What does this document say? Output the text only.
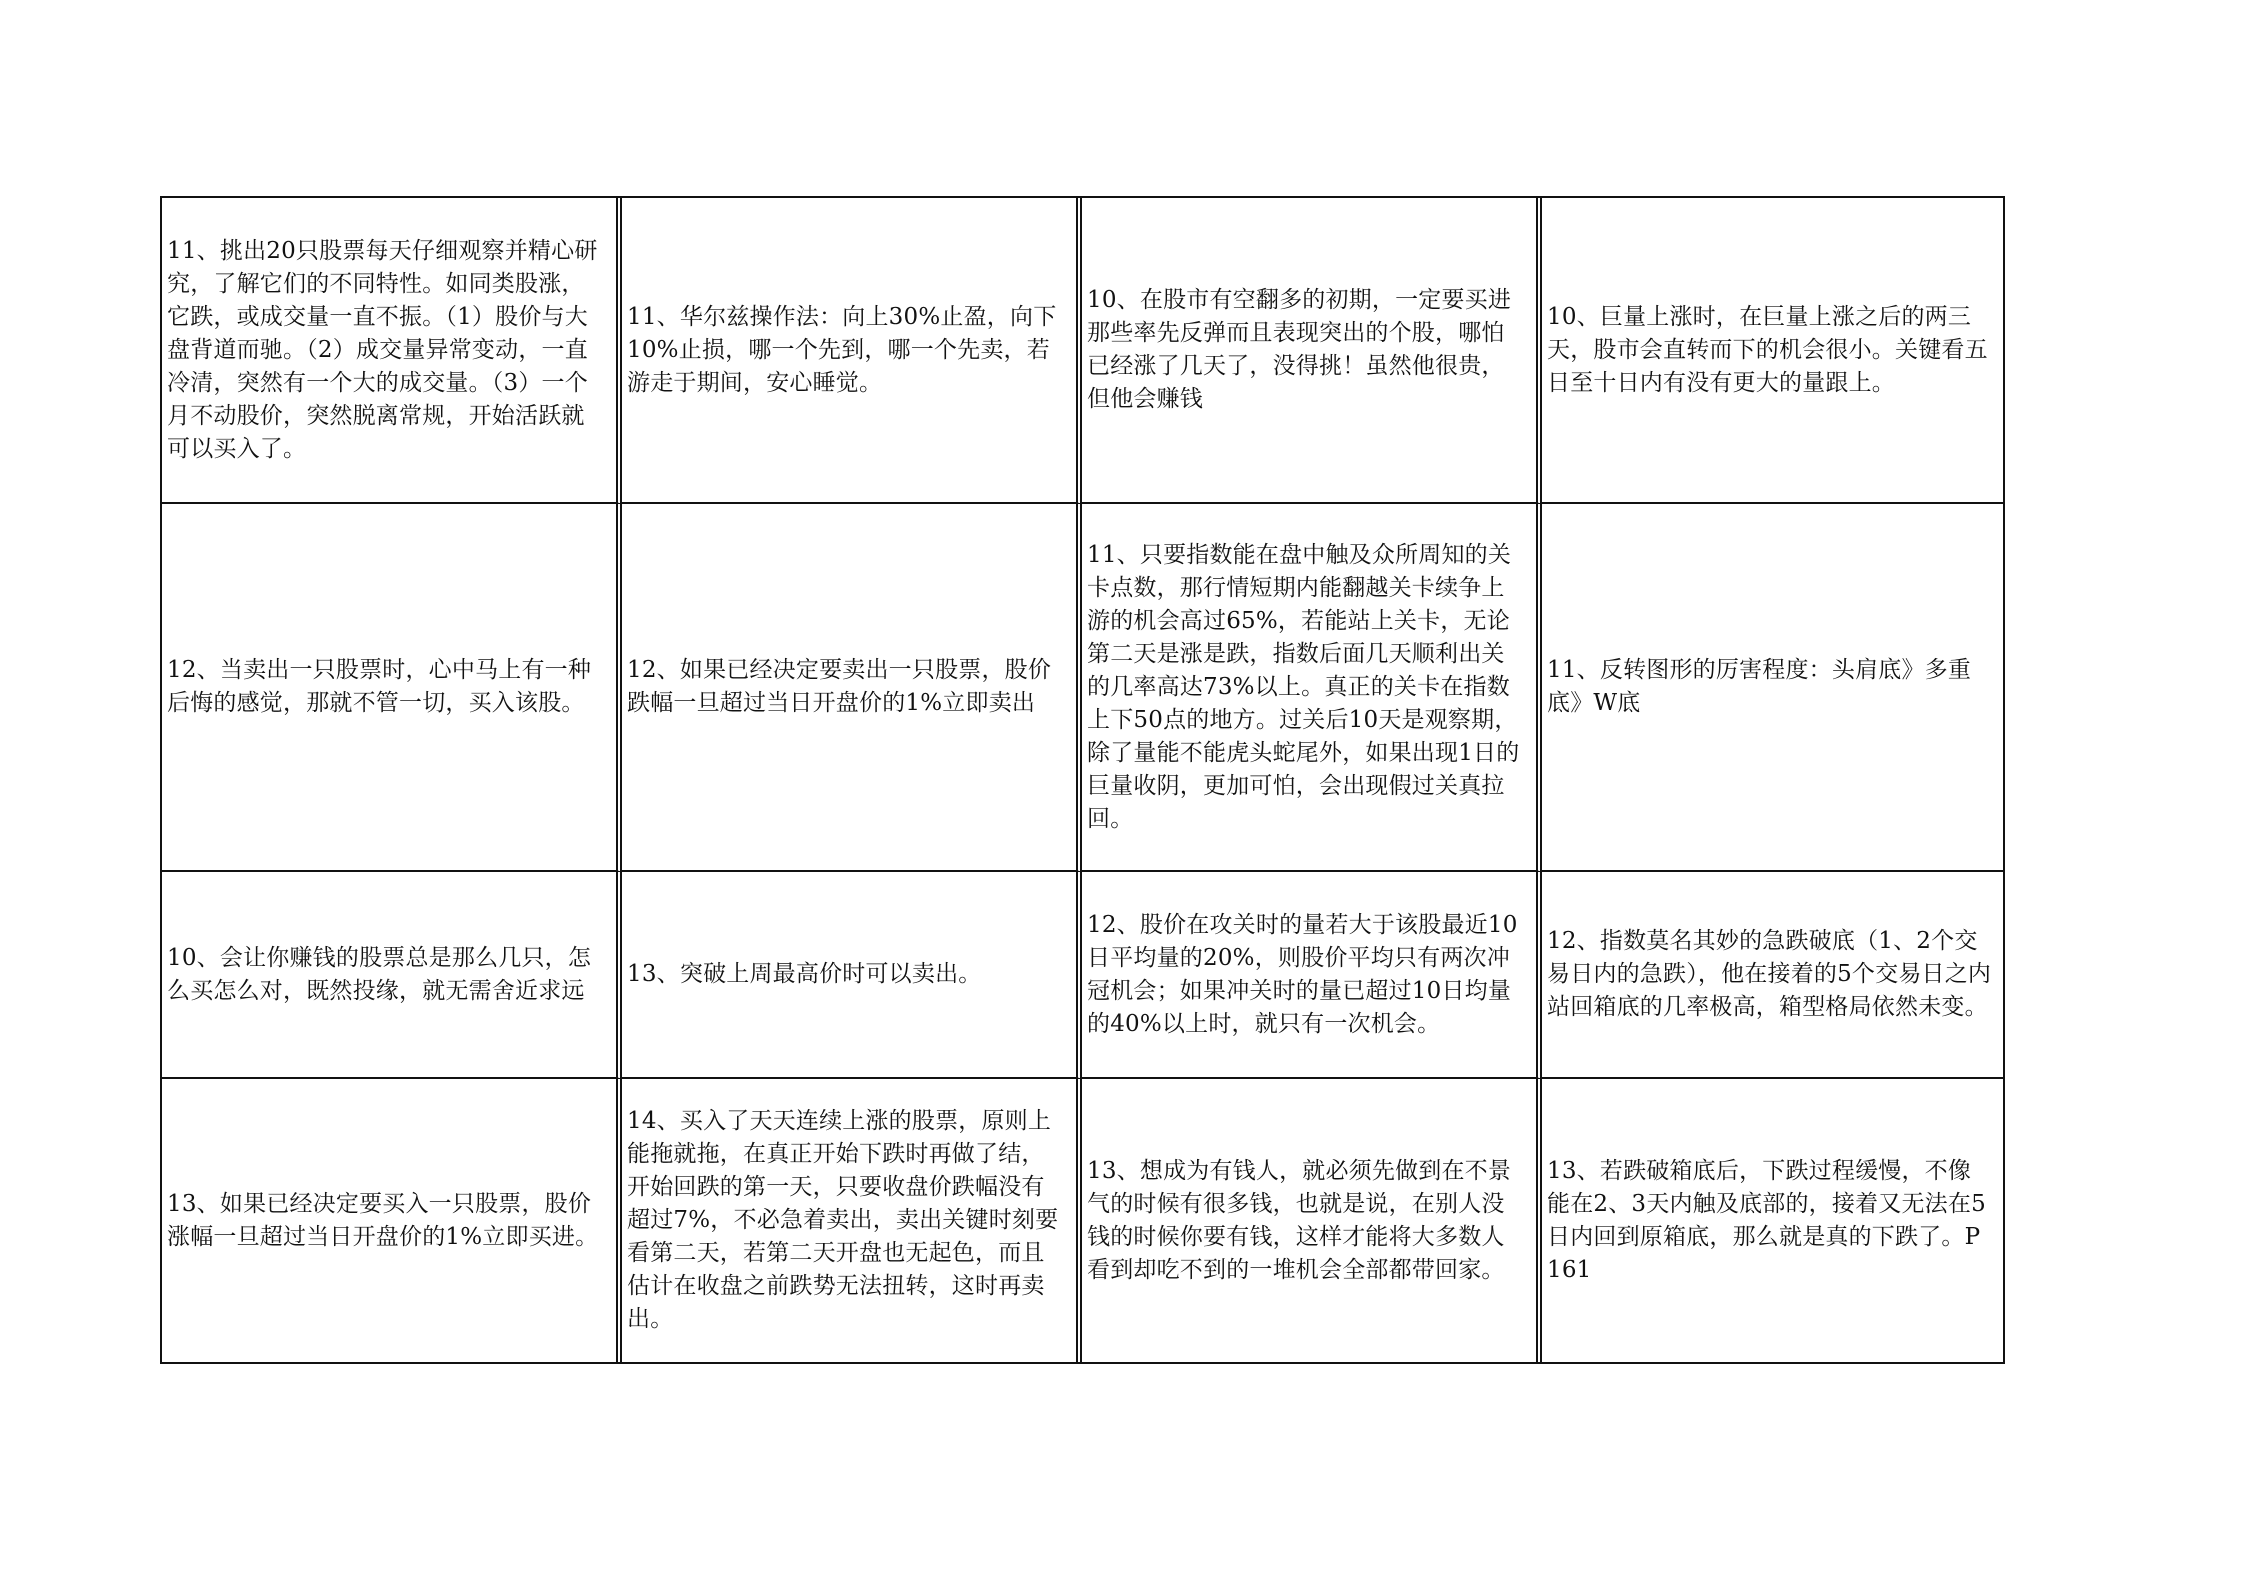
11、挑出20只股票每天仔细观察并精心研究，了解它们的不同特性。如同类股涨，它跌，或成交量一直不振。（1）股价与大盘背道而驰。（2）成交量异常变动，一直冷清，突然有一个大的成交量。（3）一个月不动股价，突然脱离常规，开始活跃就可以买入了。
11、华尔兹操作法：向上30%止盈，向下10%止损，哪一个先到，哪一个先卖，若游走于期间，安心睡觉。
10、在股市有空翻多的初期，一定要买进那些率先反弹而且表现突出的个股，哪怕已经涨了几天了，没得挑！虽然他很贵，但他会赚钱
10、巨量上涨时，在巨量上涨之后的两三天，股市会直转而下的机会很小。关键看五日至十日内有没有更大的量跟上。
12、当卖出一只股票时，心中马上有一种后悔的感觉，那就不管一切，买入该股。
12、如果已经决定要卖出一只股票，股价跌幅一旦超过当日开盘价的1%立即卖出
11、只要指数能在盘中触及众所周知的关卡点数，那行情短期内能翻越关卡续争上游的机会高过65%，若能站上关卡，无论第二天是涨是跌，指数后面几天顺利出关的几率高达73%以上。真正的关卡在指数上下50点的地方。过关后10天是观察期，除了量能不能虎头蛇尾外，如果出现1日的巨量收阴，更加可怕，会出现假过关真拉回。
11、反转图形的厉害程度：头肩底》多重底》W底
10、会让你赚钱的股票总是那么几只，怎么买怎么对，既然投缘，就无需舍近求远
13、突破上周最高价时可以卖出。
12、股价在攻关时的量若大于该股最近10日平均量的20%，则股价平均只有两次冲冠机会；如果冲关时的量已超过10日均量的40%以上时，就只有一次机会。
12、指数莫名其妙的急跌破底（1、2个交易日内的急跌），他在接着的5个交易日之内站回箱底的几率极高，箱型格局依然未变。
13、如果已经决定要买入一只股票，股价涨幅一旦超过当日开盘价的1%立即买进。
14、买入了天天连续上涨的股票，原则上能拖就拖，在真正开始下跌时再做了结，开始回跌的第一天，只要收盘价跌幅没有超过7%，不必急着卖出，卖出关键时刻要看第二天，若第二天开盘也无起色，而且估计在收盘之前跌势无法扭转，这时再卖出。
13、想成为有钱人，就必须先做到在不景气的时候有很多钱，也就是说，在别人没钱的时候你要有钱，这样才能将大多数人看到却吃不到的一堆机会全部都带回家。
13、若跌破箱底后，下跌过程缓慢，不像能在2、3天内触及底部的，接着又无法在5日内回到原箱底，那么就是真的下跌了。P161
